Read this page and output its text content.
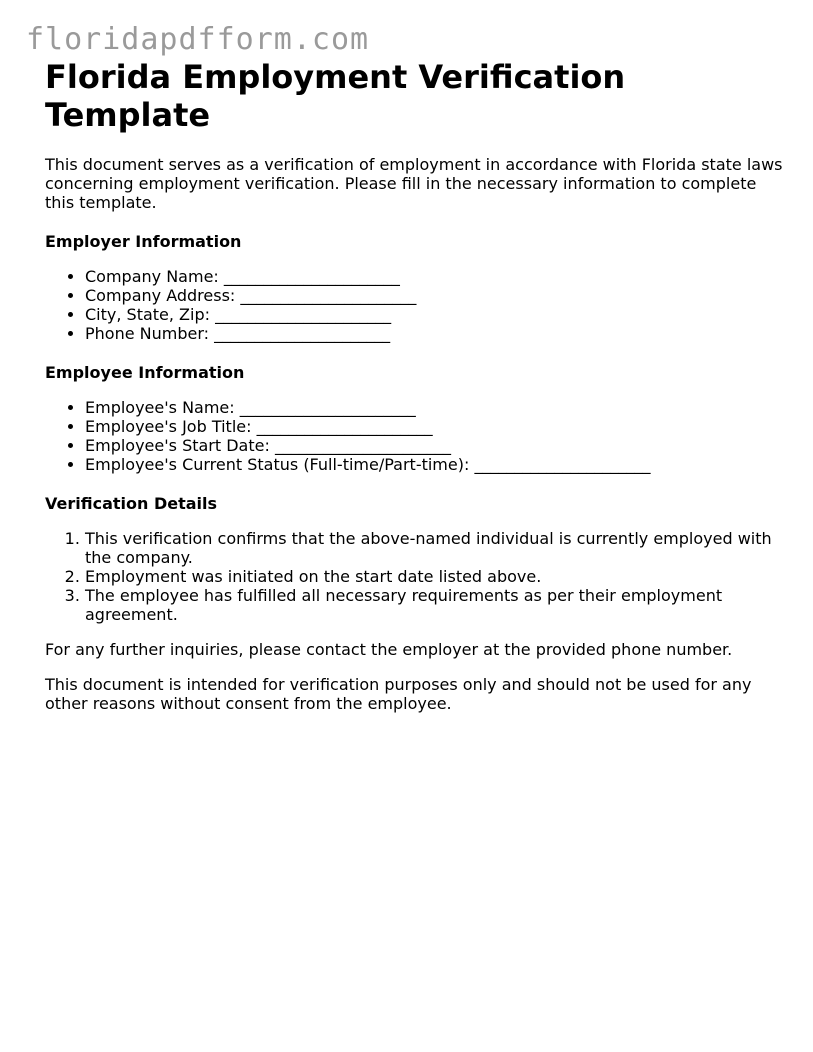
floridapdfform.com
Florida Employment Verification Template

This document serves as a verification of employment in accordance with Florida state laws concerning employment verification. Please fill in the necessary information to complete this template.

Employer Information
• Company Name: ______________________
• Company Address: ______________________
• City, State, Zip: ______________________
• Phone Number: ______________________
Employee Information
• Employee's Name: ______________________
• Employee's Job Title: ______________________
• Employee's Start Date: ______________________
• Employee's Current Status (Full-time/Part-time): ______________________
Verification Details
1. This verification confirms that the above-named individual is currently employed with the company.
2. Employment was initiated on the start date listed above.
3. The employee has fulfilled all necessary requirements as per their employment agreement.

For any further inquiries, please contact the employer at the provided phone number.

This document is intended for verification purposes only and should not be used for any other reasons without consent from the employee.
